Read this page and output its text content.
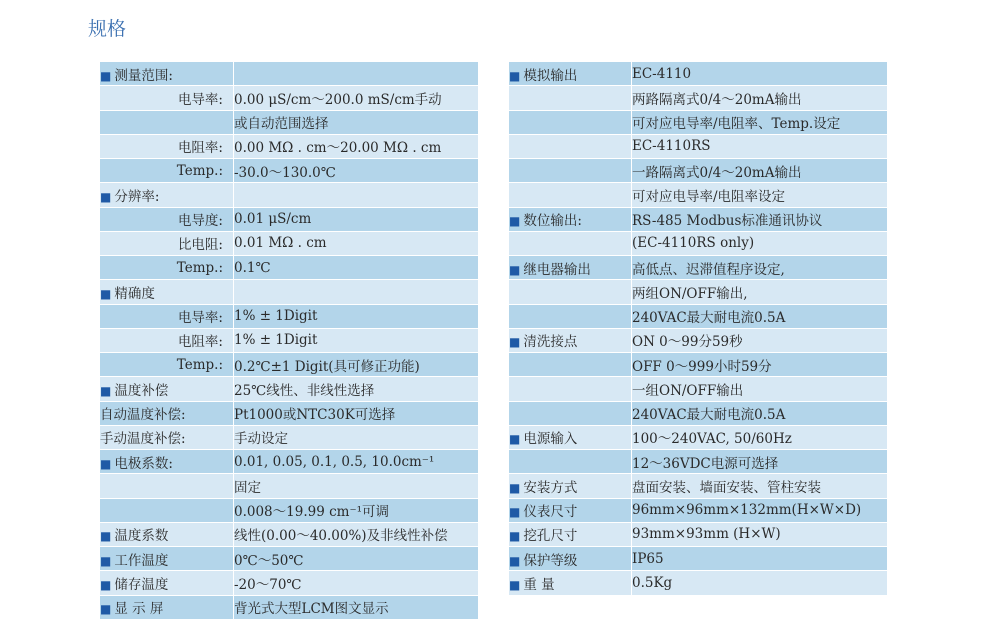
规格
■ 测量范围:	
电导率:	0.00 μS/cm～200.0 mS/cm手动
	或自动范围选择
电阻率:	0.00 MΩ . cm～20.00 MΩ . cm
Temp.:	-30.0～130.0℃
■ 分辨率:	
电导度:	0.01 μS/cm
比电阻:	0.01 MΩ . cm
Temp.:	0.1℃
■ 精确度	
电导率:	1% ± 1Digit
电阻率:	1% ± 1Digit
Temp.:	0.2℃±1 Digit(具可修正功能)
■ 温度补偿	25℃线性、非线性选择
自动温度补偿:	Pt1000或NTC30K可选择
手动温度补偿:	手动设定
■ 电极系数:	0.01, 0.05, 0.1, 0.5, 10.0cm⁻¹
	固定
	0.008～19.99 cm⁻¹可调
■ 温度系数	线性(0.00～40.00%)及非线性补偿
■ 工作温度	0℃～50℃
■ 储存温度	-20～70℃
■ 显 示 屏	背光式大型LCM图文显示
■ 模拟输出	EC-4110
	两路隔离式0/4～20mA输出
	可对应电导率/电阻率、Temp.设定
	EC-4110RS
	一路隔离式0/4～20mA输出
	可对应电导率/电阻率设定
■ 数位输出:	RS-485 Modbus标准通讯协议
	(EC-4110RS only)
■ 继电器输出	高低点、迟滞值程序设定,
	两组ON/OFF输出,
	240VAC最大耐电流0.5A
■ 清洗接点	ON 0～99分59秒
	OFF 0～999小时59分
	一组ON/OFF输出
	240VAC最大耐电流0.5A
■ 电源输入	100～240VAC, 50/60Hz
	12～36VDC电源可选择
■ 安装方式	盘面安装、墙面安装、管柱安装
■ 仪表尺寸	96mm×96mm×132mm(H×W×D)
■ 挖孔尺寸	93mm×93mm (H×W)
■ 保护等级	IP65
■ 重 量	0.5Kg
